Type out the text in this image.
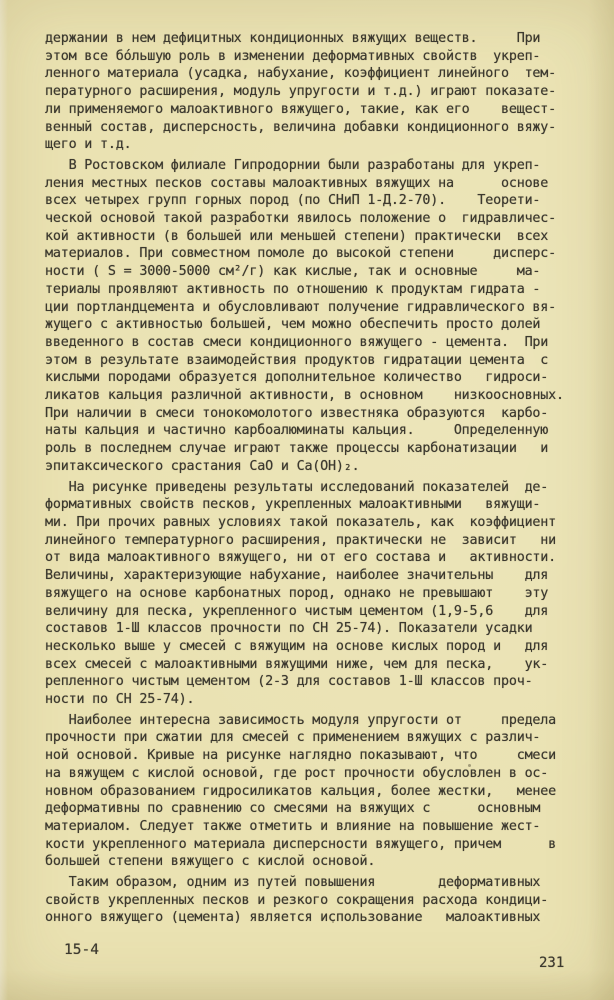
держании в нем дефицитных кондиционных вяжущих веществ.     При
этом все бо́льшую роль в изменении деформативных свойств  укреп-
ленного материала (усадка, набухание, коэффициент линейного  тем-
пературного расширения, модуль упругости и т.д.) играют показате-
ли применяемого малоактивного вяжущего, такие, как его    вещест-
венный состав, дисперсность, величина добавки кондиционного вяжу-
щего и т.д.
В Ростовском филиале Гипродорнии были разработаны для укреп-
ления местных песков составы малоактивных вяжущих на      основе
всех четырех групп горных пород (по СНиП 1-Д.2-70).    Теорети-
ческой основой такой разработки явилось положение о  гидравличес-
кой активности (в большей или меньшей степени) практически  всех
материалов. При совместном помоле до высокой степени     дисперс-
ности ( S = 3000-5000 см²/г) как кислые, так и основные     ма-
териалы проявляют активность по отношению к продуктам гидрата -
ции портландцемента и обусловливают получение гидравлического вя-
жущего с активностью большей, чем можно обеспечить просто долей
введенного в состав смеси кондиционного вяжущего - цемента.  При
этом в результате взаимодействия продуктов гидратации цемента  с
кислыми породами образуется дополнительное количество   гидроси-
ликатов кальция различной активности, в основном    низкоосновных.
При наличии в смеси тонокомолотого известняка образуются  карбо-
наты кальция и частично карбоалюминаты кальция.     Определенную
роль в последнем случае играют также процессы карбонатизации   и
эпитаксического срастания CaO и Ca(OH)₂.
На рисунке приведены результаты исследований показателей  де-
формативных свойств песков, укрепленных малоактивными   вяжущи-
ми. При прочих равных условиях такой показатель, как  коэффициент
линейного температурного расширения, практически не  зависит   ни
от вида малоактивного вяжущего, ни от его состава и   активности.
Величины, характеризующие набухание, наиболее значительны    для
вяжущего на основе карбонатных пород, однако не превышают    эту
величину для песка, укрепленного чистым цементом (1,9-5,6    для
составов 1-Ш классов прочности по СН 25-74). Показатели усадки
несколько выше у смесей с вяжущим на основе кислых пород и   для
всех смесей с малоактивными вяжущими ниже, чем для песка,    ук-
репленного чистым цементом (2-3 для составов 1-Ш классов проч-
ности по СН 25-74).
Наиболее интересна зависимость модуля упругости от     предела
прочности при сжатии для смесей с применением вяжущих с различ-
ной основой. Кривые на рисунке наглядно показывают, что     смеси
на вяжущем с кислой основой, где рост прочности обусловлен в ос-
новном образованием гидросиликатов кальция, более жестки,   менее
деформативны по сравнению со смесями на вяжущих с      основным
материалом. Следует также отметить и влияние на повышение жест-
кости укрепленного материала дисперсности вяжущего, причем      в
большей степени вяжущего с кислой основой.
Таким образом, одним из путей повышения        деформативных
свойств укрепленных песков и резкого сокращения расхода кондици-
онного вяжущего (цемента) является использование   малоактивных
15-4
231
